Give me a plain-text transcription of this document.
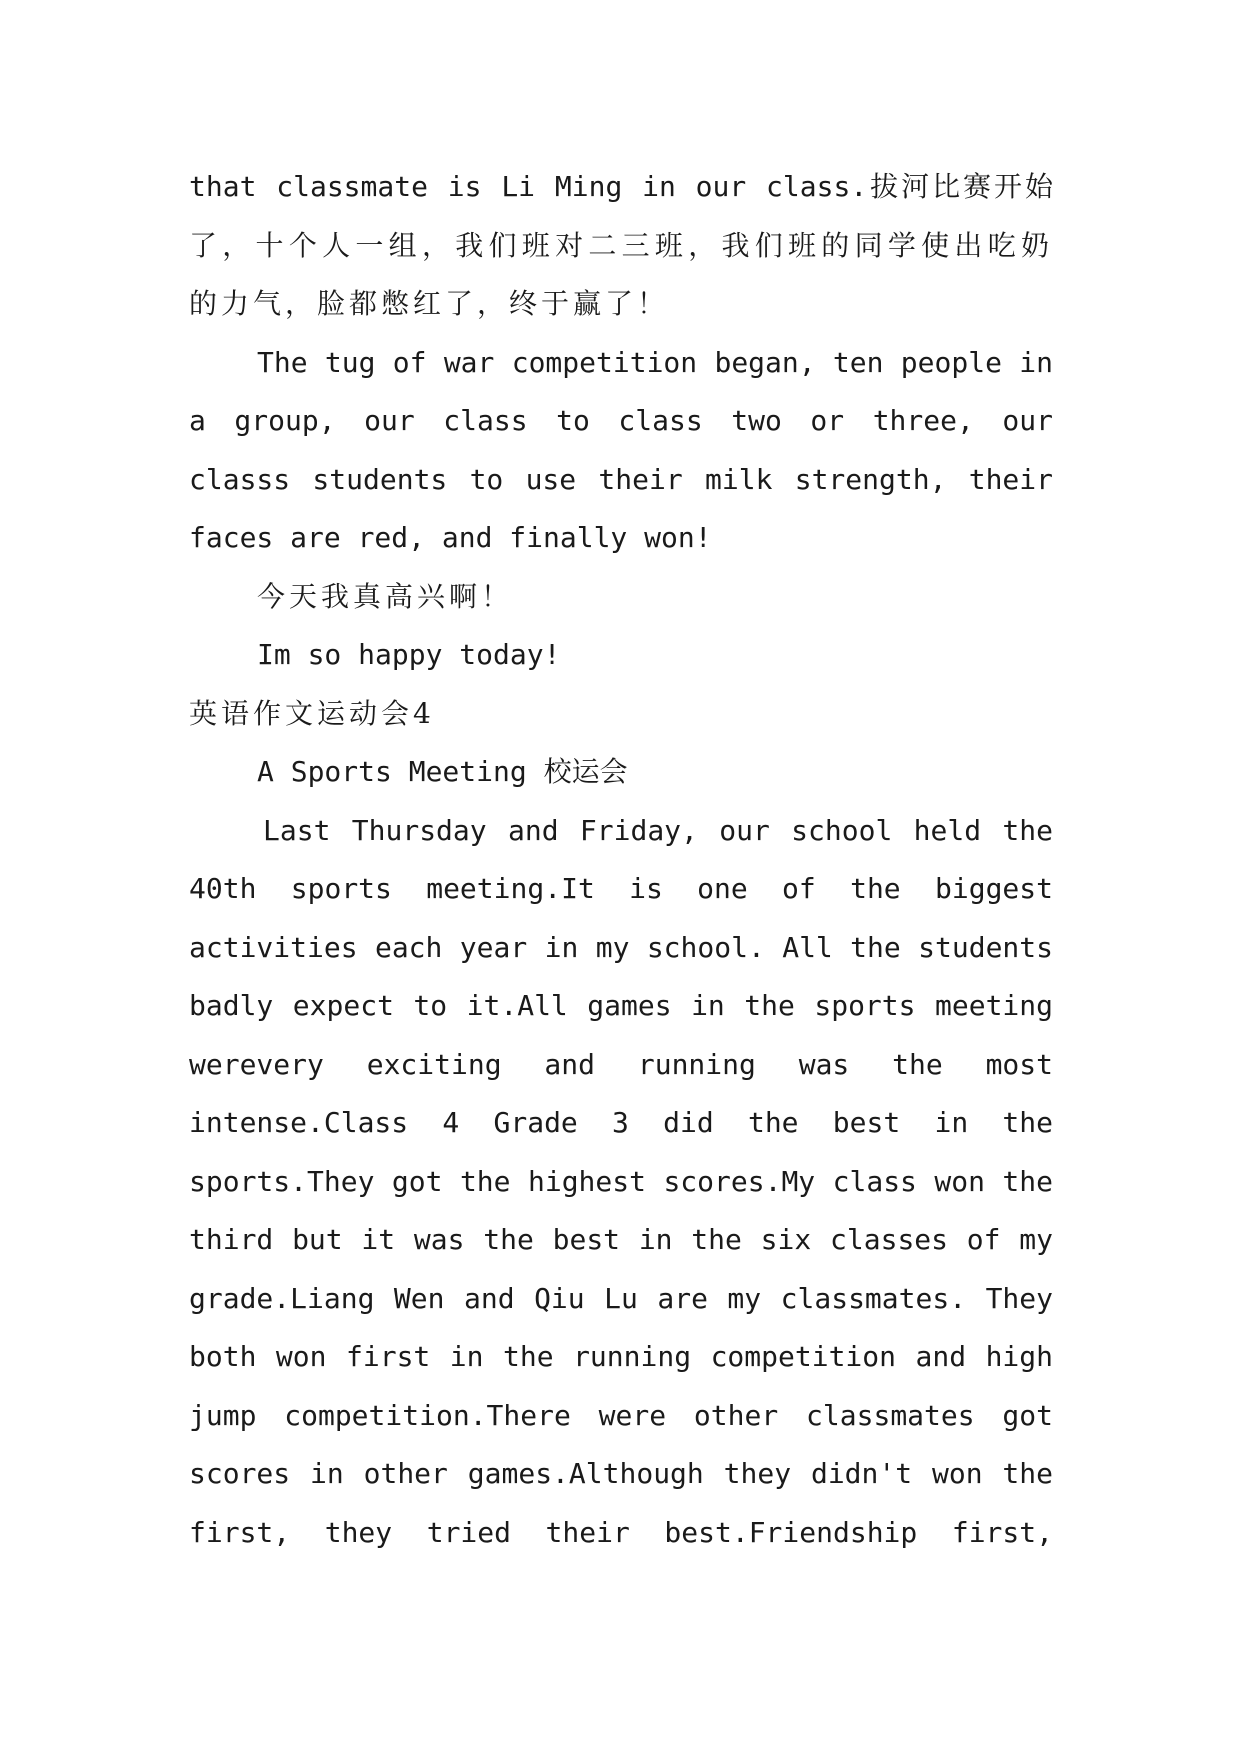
that classmate is Li Ming in our class.拔河比赛开始
了，十个人一组，我们班对二三班，我们班的同学使出吃奶
的力气，脸都憋红了，终于赢了！
The tug of war competition began, ten people in
a group, our class to class two or three, our
classs students to use their milk strength, their
faces are red, and finally won!
今天我真高兴啊！
Im so happy today!
英语作文运动会4
A Sports Meeting 校运会
Last Thursday and Friday, our school held the
40th sports meeting.It is one of the biggest
activities each year in my school. All the students
badly expect to it.All games in the sports meeting
werevery exciting and running was the most
intense.Class 4 Grade 3 did the best in the
sports.They got the highest scores.My class won the
third but it was the best in the six classes of my
grade.Liang Wen and Qiu Lu are my classmates. They
both won first in the running competition and high
jump competition.There were other classmates got
scores in other games.Although they didn't won the
first, they tried their best.Friendship first,
